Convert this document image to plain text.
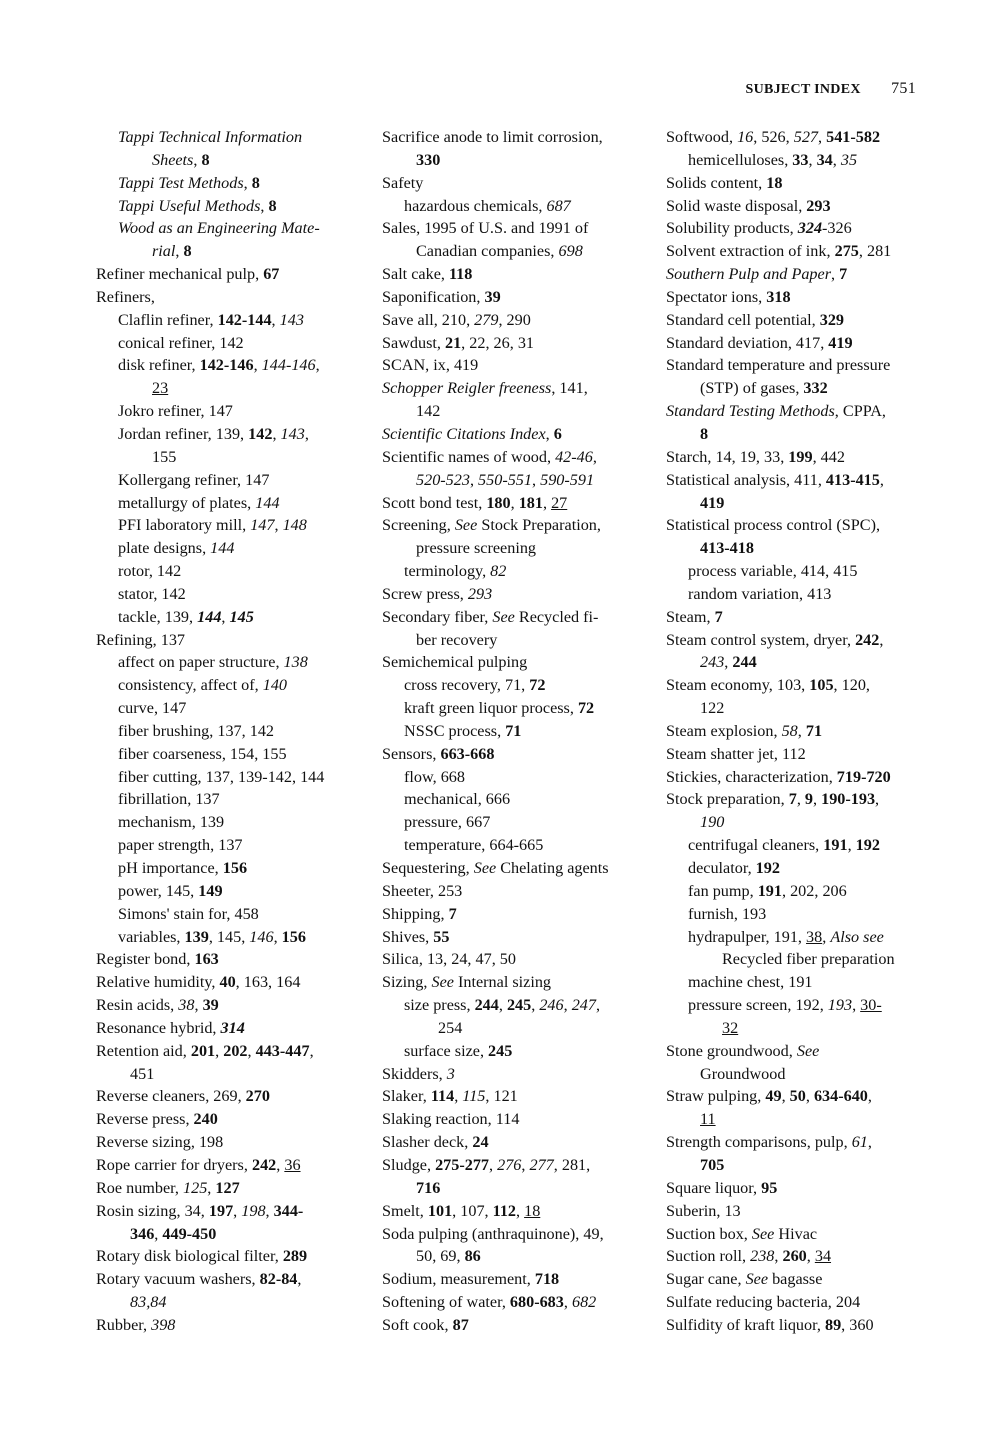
SUBJECT INDEX 751
Tappi Technical Information
Sheets, 8
Tappi Test Methods, 8
Tappi Useful Methods, 8
Wood as an Engineering Mate-
rial, 8
Refiner mechanical pulp, 67
Refiners,
Claflin refiner, 142-144, 143
conical refiner, 142
disk refiner, 142-146, 144-146,
23
Jokro refiner, 147
Jordan refiner, 139, 142, 143,
155
Kollergang refiner, 147
metallurgy of plates, 144
PFI laboratory mill, 147, 148
plate designs, 144
rotor, 142
stator, 142
tackle, 139, 144, 145
Refining, 137
affect on paper structure, 138
consistency, affect of, 140
curve, 147
fiber brushing, 137, 142
fiber coarseness, 154, 155
fiber cutting, 137, 139-142, 144
fibrillation, 137
mechanism, 139
paper strength, 137
pH importance, 156
power, 145, 149
Simons' stain for, 458
variables, 139, 145, 146, 156
Register bond, 163
Relative humidity, 40, 163, 164
Resin acids, 38, 39
Resonance hybrid, 314
Retention aid, 201, 202, 443-447,
451
Reverse cleaners, 269, 270
Reverse press, 240
Reverse sizing, 198
Rope carrier for dryers, 242, 36
Roe number, 125, 127
Rosin sizing, 34, 197, 198, 344-
346, 449-450
Rotary disk biological filter, 289
Rotary vacuum washers, 82-84,
83,84
Rubber, 398
Sacrifice anode to limit corrosion,
330
Safety
hazardous chemicals, 687
Sales, 1995 of U.S. and 1991 of
Canadian companies, 698
Salt cake, 118
Saponification, 39
Save all, 210, 279, 290
Sawdust, 21, 22, 26, 31
SCAN, ix, 419
Schopper Reigler freeness, 141,
142
Scientific Citations Index, 6
Scientific names of wood, 42-46,
520-523, 550-551, 590-591
Scott bond test, 180, 181, 27
Screening, See Stock Preparation,
pressure screening
terminology, 82
Screw press, 293
Secondary fiber, See Recycled fi-
ber recovery
Semichemical pulping
cross recovery, 71, 72
kraft green liquor process, 72
NSSC process, 71
Sensors, 663-668
flow, 668
mechanical, 666
pressure, 667
temperature, 664-665
Sequestering, See Chelating agents
Sheeter, 253
Shipping, 7
Shives, 55
Silica, 13, 24, 47, 50
Sizing, See Internal sizing
size press, 244, 245, 246, 247,
254
surface size, 245
Skidders, 3
Slaker, 114, 115, 121
Slaking reaction, 114
Slasher deck, 24
Sludge, 275-277, 276, 277, 281,
716
Smelt, 101, 107, 112, 18
Soda pulping (anthraquinone), 49,
50, 69, 86
Sodium, measurement, 718
Softening of water, 680-683, 682
Soft cook, 87
Softwood, 16, 526, 527, 541-582
hemicelluloses, 33, 34, 35
Solids content, 18
Solid waste disposal, 293
Solubility products, 324-326
Solvent extraction of ink, 275, 281
Southern Pulp and Paper, 7
Spectator ions, 318
Standard cell potential, 329
Standard deviation, 417, 419
Standard temperature and pressure
(STP) of gases, 332
Standard Testing Methods, CPPA,
8
Starch, 14, 19, 33, 199, 442
Statistical analysis, 411, 413-415,
419
Statistical process control (SPC),
413-418
process variable, 414, 415
random variation, 413
Steam, 7
Steam control system, dryer, 242,
243, 244
Steam economy, 103, 105, 120,
122
Steam explosion, 58, 71
Steam shatter jet, 112
Stickies, characterization, 719-720
Stock preparation, 7, 9, 190-193,
190
centrifugal cleaners, 191, 192
deculator, 192
fan pump, 191, 202, 206
furnish, 193
hydrapulper, 191, 38, Also see
Recycled fiber preparation
machine chest, 191
pressure screen, 192, 193, 30-
32
Stone groundwood, See
Groundwood
Straw pulping, 49, 50, 634-640,
11
Strength comparisons, pulp, 61,
705
Square liquor, 95
Suberin, 13
Suction box, See Hivac
Suction roll, 238, 260, 34
Sugar cane, See bagasse
Sulfate reducing bacteria, 204
Sulfidity of kraft liquor, 89, 360
